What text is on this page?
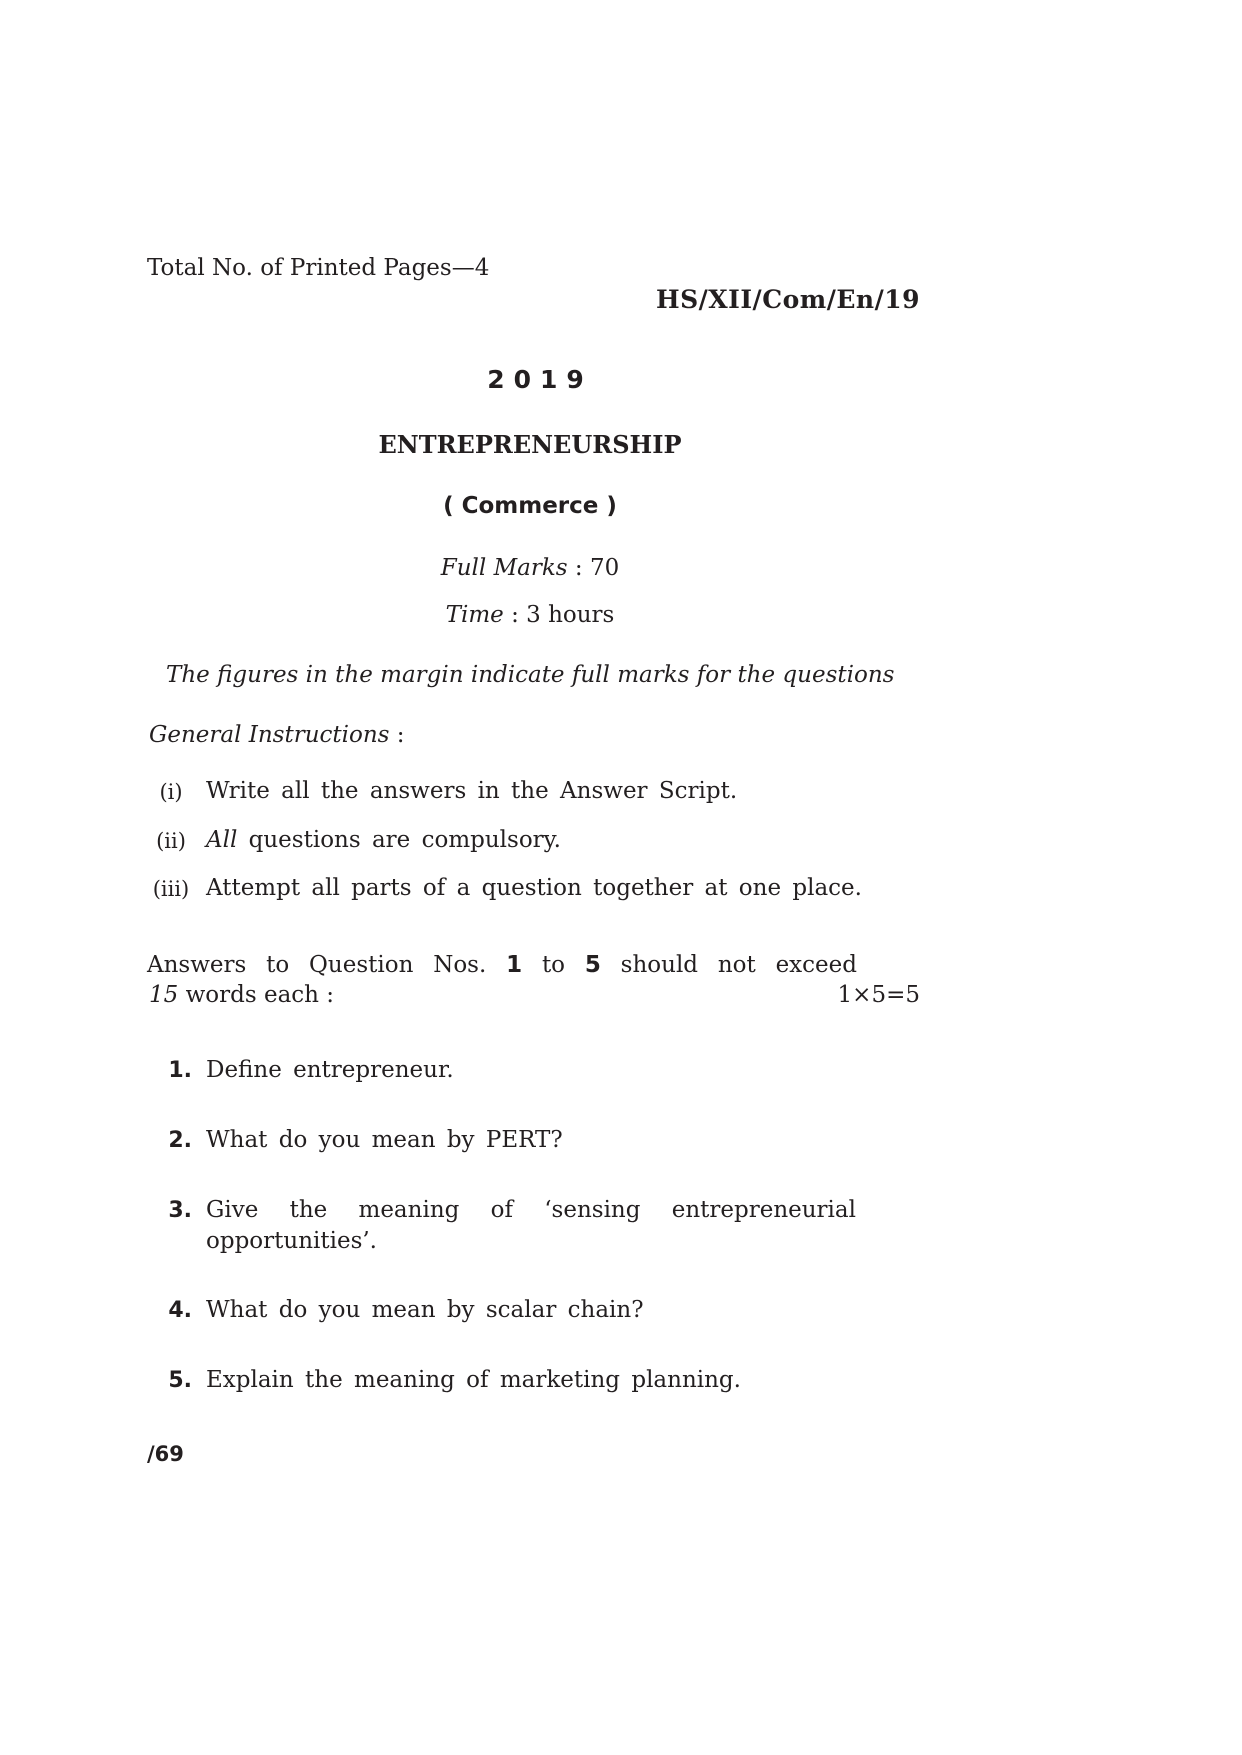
Total No. of Printed Pages—4
HS/XII/Com/En/19
2019
ENTREPRENEURSHIP
( Commerce )
Full Marks : 70
Time : 3 hours
The figures in the margin indicate full marks for the questions
General Instructions :
(i)	Write all the answers in the Answer Script.
(ii) All questions are compulsory.
(iii) Attempt all parts of a question together at one place.
Answers to Question Nos. 1 to 5 should not exceed
15 words each :	1×5=5
1. Define entrepreneur.
2. What do you mean by PERT?
3. Give the meaning of ‘sensing entrepreneurial
opportunities’.
4. What do you mean by scalar chain?
5. Explain the meaning of marketing planning.
/69
